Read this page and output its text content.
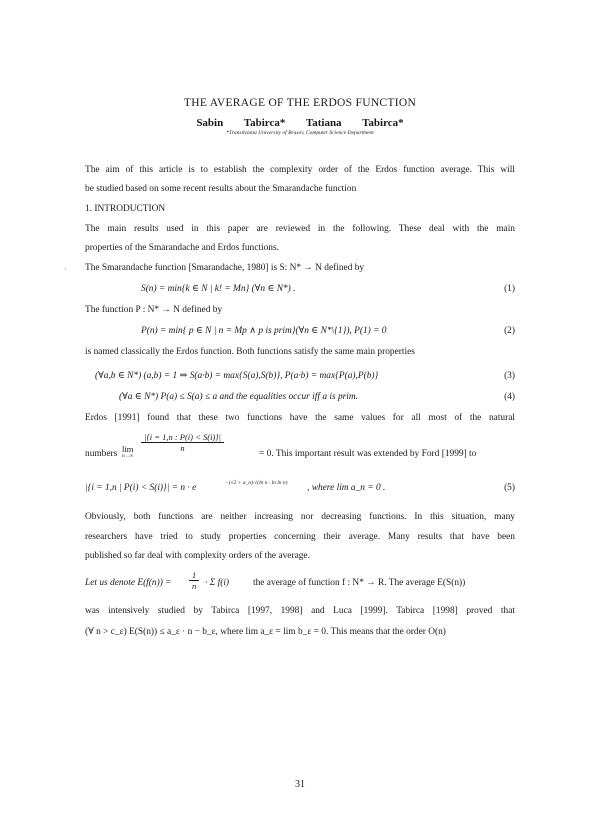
THE AVERAGE OF THE ERDOS FUNCTION
Sabin Tabirca* Tatiana Tabirca*
*Transilvania University of Brasov, Computer Science Department
The aim of this article is to establish the complexity order of the Erdos function average. This will
be studied based on some recent results about the Smarandache function
1. INTRODUCTION
The main results used in this paper are reviewed in the following. These deal with the main
properties of the Smarandache and Erdos functions.
· The Smarandache function [Smarandache, 1980] is S: N* → N defined by
S(n) = min{k ∈ N | k! = Mn} (∀n ∈ N*) .	(1)
The function P : N* → N defined by
P(n) = min{ p ∈ N | n = Mp ∧ p is prim}(∀n ∈ N*\{1}), P(1) = 0	(2)
is named classically the Erdos function. Both functions satisfy the same main properties
(∀a,b ∈ N*) (a,b) = 1 ⇒ S(a·b) = max{S(a),S(b)}, P(a·b) = max{P(a),P(b)}	(3)
(∀a ∈ N*) P(a) ≤ S(a) ≤ a and the equalities occur iff a is prim.	(4)
Erdos [1991] found that these two functions have the same values for all most of the natural
numbers lim
n→∞
$\frac{|\{i = 1,n : P(i) < S(i)\}|}{n}$
= 0. This important result was extended by Ford [1999] to
|{i = 1,n | P(i) < S(i)}| = n · e	−(√2 + a_n)·√(ln n · ln ln n) , where lim a_n = 0 .	(5)
Obviously, both functions are neither increasing nor decreasing functions. In this situation, many
researchers have tried to study properties concerning their average. Many results that have been
published so far deal with complexity orders of the average.
Let us denote $E(f(n)) = \frac{1}{n} \cdot \Sigma$ f(i)	the average of function f : N* → R. The average E(S(n))
was intensively studied by Tabirca [1997, 1998] and Luca [1999]. Tabirca [1998] proved that
(∀ n > c_ε) E(S(n)) ≤ a_ε · n − b_ε, where lim a_ε = lim b_ε = 0. This means that the order O(n)
31
